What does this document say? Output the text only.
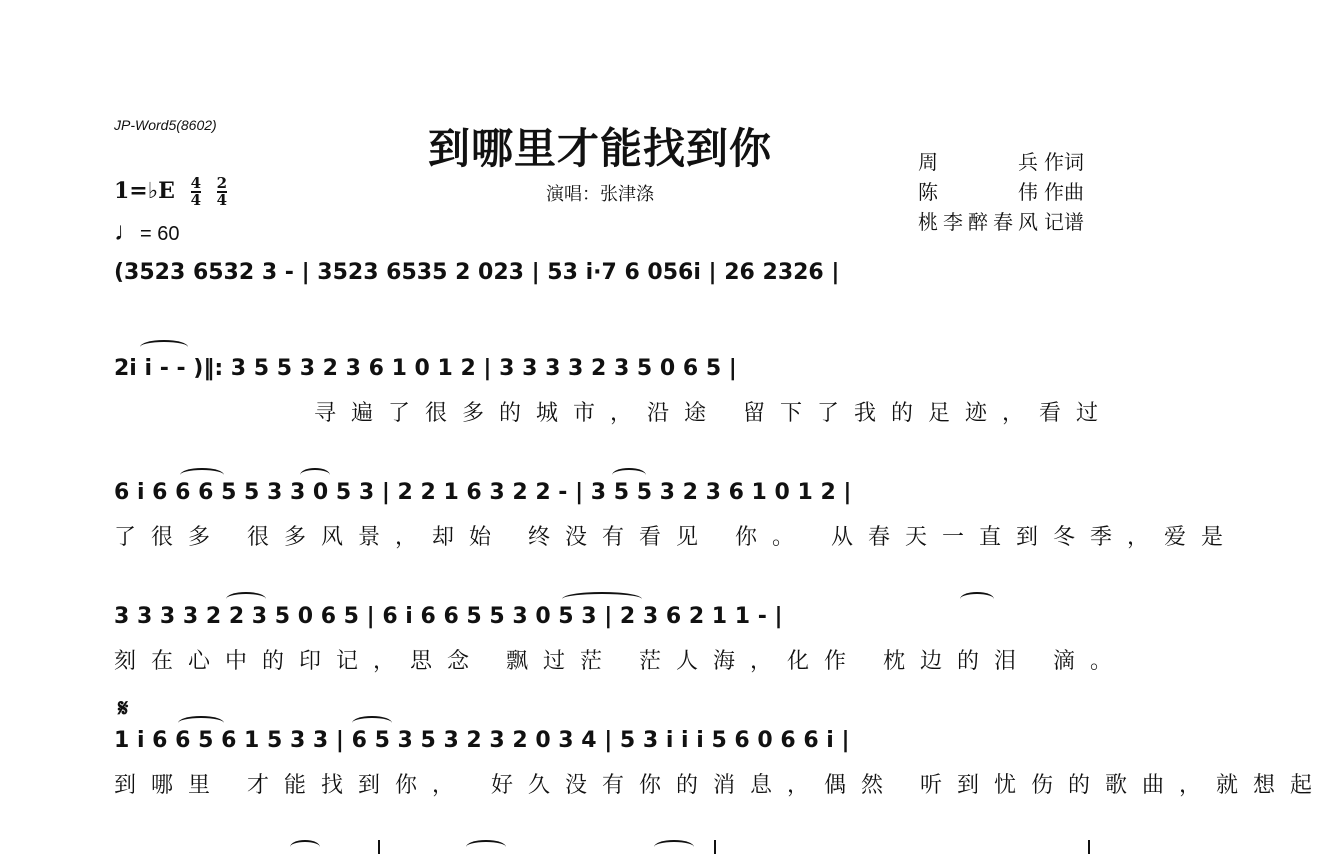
JP-Word5(8602)	到哪里才能找到你
演唱：张津涤
1=♭E $\frac{4}{4}$
$\frac{2}{4}$
♩= 60
周 兵 作词
陈 伟 作曲
桃李醉春风 记谱
(3523 6532 3 - | 3523 6535 2 023 | 53 i·7 6 056i | 26 2326 |
2i i - - )‖: 3 5 5 3 2 3 6 1 0 1 2 | 3 3 3 3 2 3 5 0 6 5 |
寻遍了很多的城市，沿途 留下了我的足迹，看过
6 i 6 6 6 5 5 3 3 0 5 3 | 2 2 1 6 3 2 2 - | 3 5 5 3 2 3 6 1 0 1 2 |
了很多 很多风景，却始 终没有看见 你。 从春天一直到冬季，爱是
3 3 3 3 2 2 3 5 0 6 5 | 6 i 6 6 5 5 3 0 5 3 | 2 3 6 2 1 1 - |
刻在心中的印记，思念 飘过茫 茫人海，化作 枕边的泪 滴。
𝄋
1 i 6 6 5 6 1 5 3 3 | 6 5 3 5 3 2 3 2 0 3 4 | 5 3 i i i 5 6 0 6 6 i |
到哪里 才能找到你， 好久没有你的消息，偶然 听到忧伤的歌曲，就想起
